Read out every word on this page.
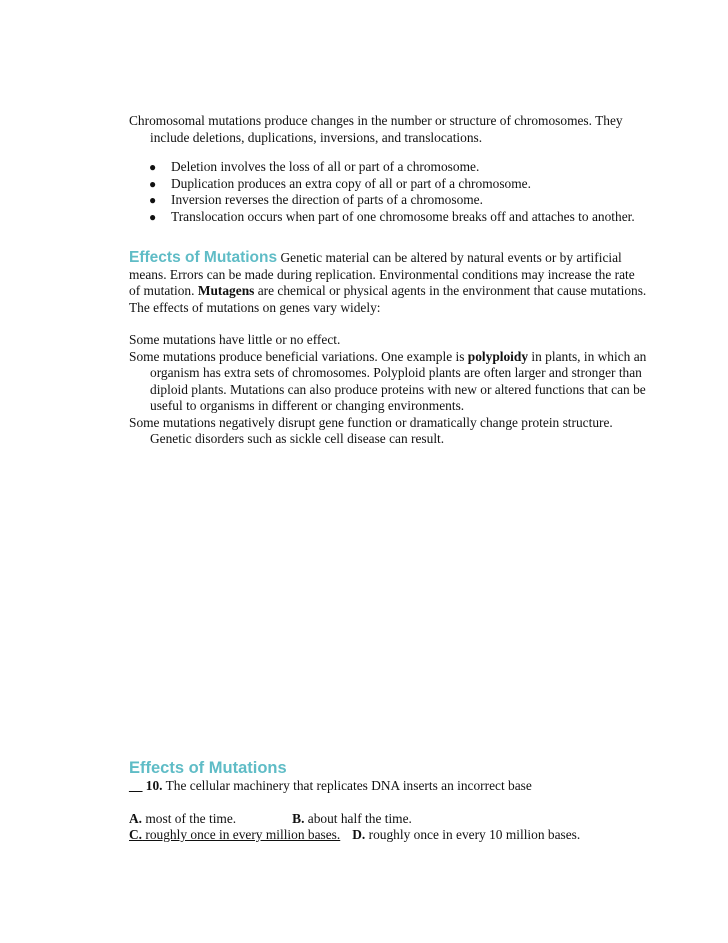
Chromosomal mutations produce changes in the number or structure of chromosomes. They include deletions, duplications, inversions, and translocations.

● Deletion involves the loss of all or part of a chromosome.
● Duplication produces an extra copy of all or part of a chromosome.
● Inversion reverses the direction of parts of a chromosome.
● Translocation occurs when part of one chromosome breaks off and attaches to another.

Effects of Mutations Genetic material can be altered by natural events or by artificial means. Errors can be made during replication. Environmental conditions may increase the rate of mutation. Mutagens are chemical or physical agents in the environment that cause mutations.

The effects of mutations on genes vary widely:

Some mutations have little or no effect.

Some mutations produce beneficial variations. One example is polyploidy in plants, in which an organism has extra sets of chromosomes. Polyploid plants are often larger and stronger than diploid plants. Mutations can also produce proteins with new or altered functions that can be useful to organisms in different or changing environments.

Some mutations negatively disrupt gene function or dramatically change protein structure. Genetic disorders such as sickle cell disease can result.

Effects of Mutations

__ 10. The cellular machinery that replicates DNA inserts an incorrect base

A. most of the time.	B. about half the time.

C. roughly once in every million bases. D. roughly once in every 10 million bases.
